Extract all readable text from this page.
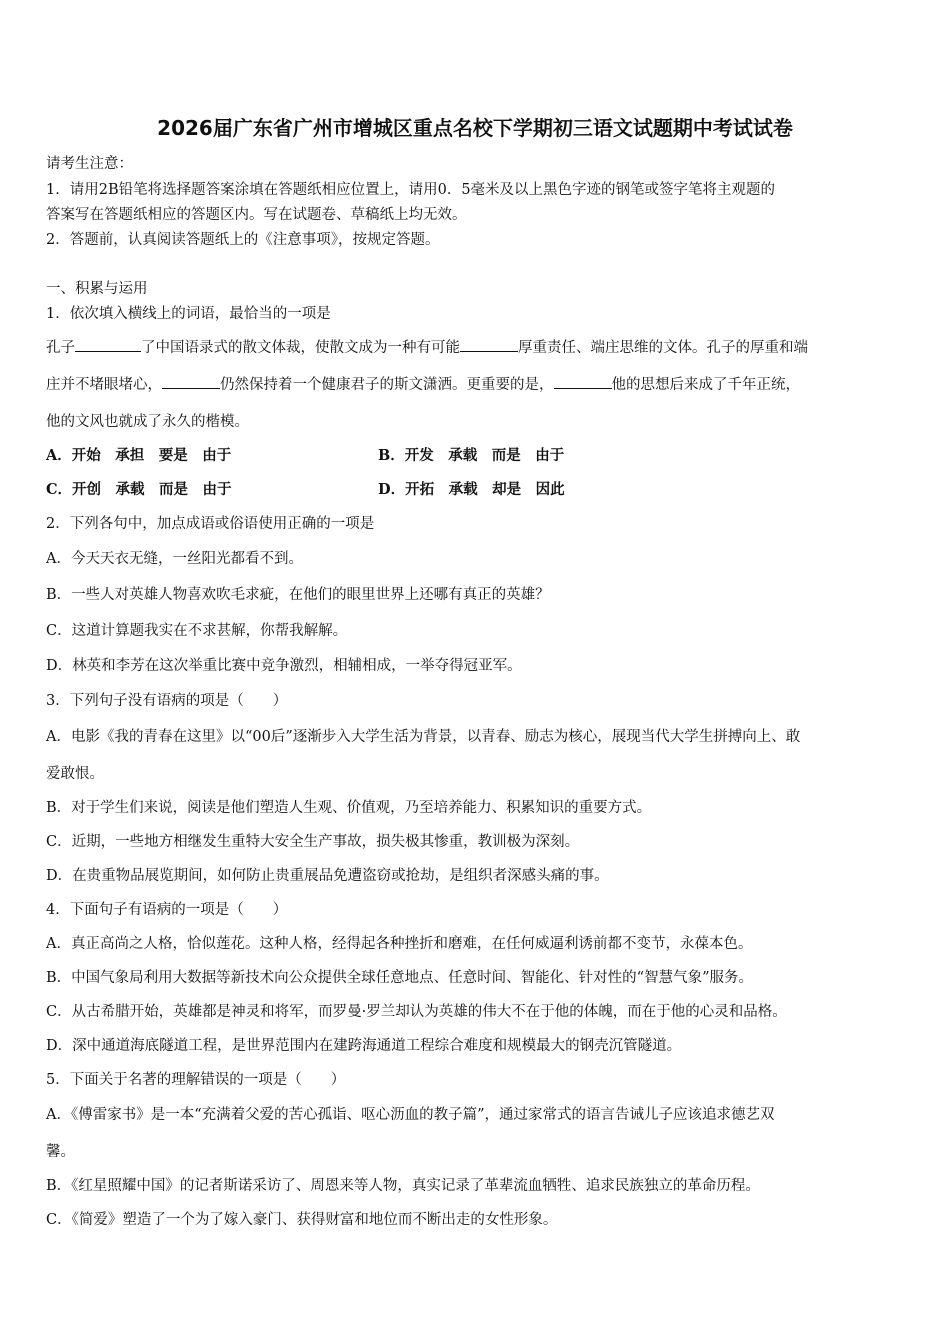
2026届广东省广州市增城区重点名校下学期初三语文试题期中考试试卷
请考生注意：
1．请用2B铅笔将选择题答案涂填在答题纸相应位置上，请用0．5毫米及以上黑色字迹的钢笔或签字笔将主观题的
答案写在答题纸相应的答题区内。写在试题卷、草稿纸上均无效。
2．答题前，认真阅读答题纸上的《注意事项》，按规定答题。
一、积累与运用
1．依次填入横线上的词语，最恰当的一项是
孔子	了中国语录式的散文体裁，使散文成为一种有可能	厚重责任、端庄思维的文体。孔子的厚重和端
庄并不堵眼堵心，	仍然保持着一个健康君子的斯文潇洒。更重要的是，	他的思想后来成了千年正统，
他的文风也就成了永久的楷模。
A．开始　承担　要是　由于	B．开发　承载　而是　由于
C．开创　承载　而是　由于	D．开拓　承载　却是　因此
2．下列各句中，加点成语或俗语使用正确的一项是
A．今天天衣无缝，一丝阳光都看不到。
B．一些人对英雄人物喜欢吹毛求疵，在他们的眼里世界上还哪有真正的英雄？
C．这道计算题我实在不求甚解，你帮我解解。
D．林英和李芳在这次举重比赛中竞争激烈，相辅相成，一举夺得冠亚军。
3．下列句子没有语病的项是（　　）
A．电影《我的青春在这里》以“00后”逐渐步入大学生活为背景，以青春、励志为核心，展现当代大学生拼搏向上、敢
爱敢恨。
B．对于学生们来说，阅读是他们塑造人生观、价值观，乃至培养能力、积累知识的重要方式。
C．近期，一些地方相继发生重特大安全生产事故，损失极其惨重，教训极为深刻。
D．在贵重物品展览期间，如何防止贵重展品免遭盗窃或抢劫，是组织者深感头痛的事。
4．下面句子有语病的一项是（　　）
A．真正高尚之人格，恰似莲花。这种人格，经得起各种挫折和磨难，在任何威逼利诱前都不变节，永葆本色。
B．中国气象局利用大数据等新技术向公众提供全球任意地点、任意时间、智能化、针对性的“智慧气象”服务。
C．从古希腊开始，英雄都是神灵和将军，而罗曼·罗兰却认为英雄的伟大不在于他的体魄，而在于他的心灵和品格。
D．深中通道海底隧道工程，是世界范围内在建跨海通道工程综合难度和规模最大的钢壳沉管隧道。
5．下面关于名著的理解错误的一项是（　　）
A．《傅雷家书》是一本“充满着父爱的苦心孤诣、呕心沥血的教子篇”，通过家常式的语言告诫儿子应该追求德艺双
馨。
B．《红星照耀中国》的记者斯诺采访了、周恩来等人物，真实记录了革辈流血牺牲、追求民族独立的革命历程。
C．《简爱》塑造了一个为了嫁入豪门、获得财富和地位而不断出走的女性形象。
